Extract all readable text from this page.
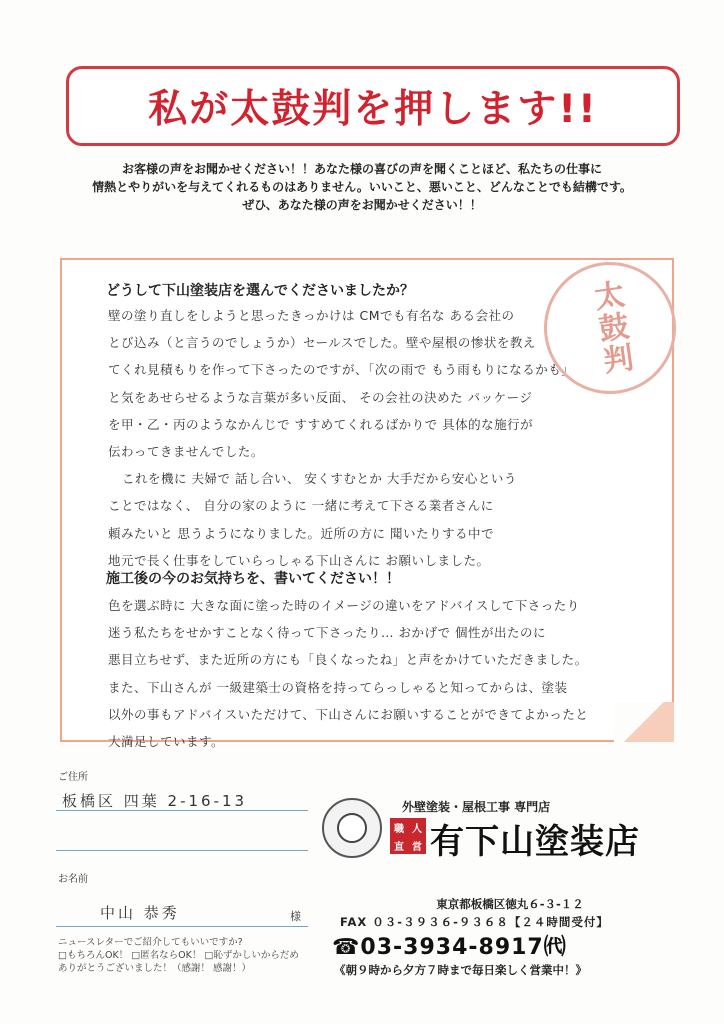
私が太鼓判を押します!!
お客様の声をお聞かせください！！あなた様の喜びの声を聞くことほど、私たちの仕事に
情熱とやりがいを与えてくれるものはありません。いいこと、悪いこと、どんなことでも結構です。
ぜひ、あなた様の声をお聞かせください！！
どうして下山塗装店を選んでくださいましたか？

壁の塗り直しをしようと思ったきっかけは CMでも有名な ある会社の

とび込み（と言うのでしょうか）セールスでした。壁や屋根の惨状を教え

てくれ見積もりを作って下さったのですが、「次の雨で もう雨もりになるかも」

と気をあせらせるような言葉が多い反面、 その会社の決めた パッケージ

を甲・乙・丙のようなかんじで すすめてくれるばかりで 具体的な施行が

伝わってきませんでした。

これを機に 夫婦で 話し合い、 安くすむとか 大手だから安心という

ことではなく、 自分の家のように 一緒に考えて下さる業者さんに

頼みたいと 思うようになりました。近所の方に 聞いたりする中で

地元で長く仕事をしていらっしゃる下山さんに お願いしました。

施工後の今のお気持ちを、書いてください！！

色を選ぶ時に 大きな面に塗った時のイメージの違いをアドバイスして下さったり

迷う私たちをせかすことなく待って下さったり… おかげで 個性が出たのに

悪目立ちせず、また近所の方にも「良くなったね」と声をかけていただきました。

また、下山さんが 一級建築士の資格を持ってらっしゃると知ってからは、塗装

以外の事もアドバイスいただけて、下山さんにお願いすることができてよかったと

大満足しています。

太鼓判
ご住所
板橋区 四葉 2-16-13
お名前
中山 恭秀	様
外壁塗装・屋根工事 専門店
職 人
直 営 有下山塗装店
東京都板橋区徳丸６-３-１２
FAX ０３-３９３６-９３６８【２４時間受付】
☎03-3934-8917㈹
《朝９時から夕方７時まで毎日楽しく営業中！》
ニュースレターでご紹介してもいいですか?
□もちろんOK！ □匿名ならOK！ □恥ずかしいからだめ
ありがとうございました！（感謝！ 感謝！）
